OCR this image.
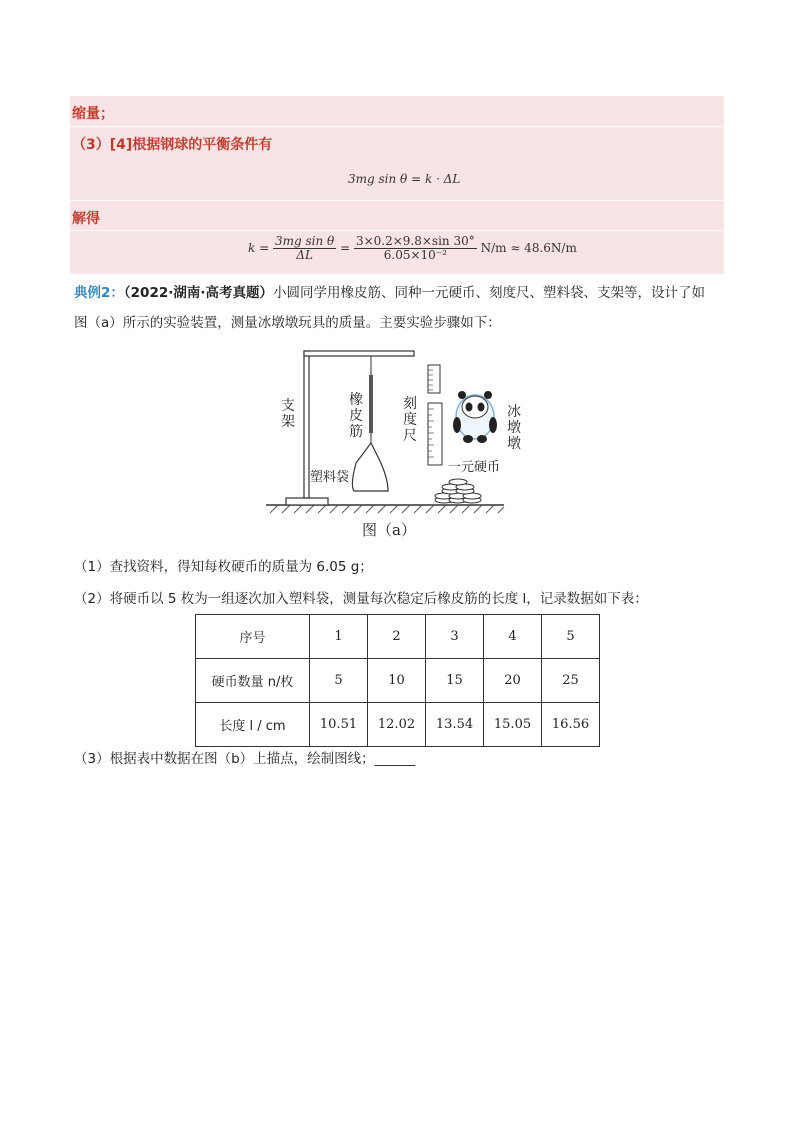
缩量；
（3）[4]根据钢球的平衡条件有
3mg sin θ = k · ΔL
解得
$k = \frac{\text{3mg sin θ}}{\Delta L} = \frac{3\times 0.2\times 9.8\times\sin 30^\circ}{\text{6.05×10⁻²}} N/m \approx 48.6N/m$
典例2：（2022·湖南·高考真题）小圆同学用橡皮筋、同种一元硬币、刻度尺、塑料袋、支架等，设计了如
图（a）所示的实验装置，测量冰墩墩玩具的质量。主要实验步骤如下：
支架
橡皮筋
刻度尺
冰墩墩
塑料袋
一元硬币
图（a）
（1）查找资料，得知每枚硬币的质量为 6.05 g；
（2）将硬币以 5 枚为一组逐次加入塑料袋，测量每次稳定后橡皮筋的长度 l，记录数据如下表：
序号	1	2	3	4	5
硬币数量 n/枚	5	10	15	20	25
长度 l / cm	10.51	12.02	13.54	15.05	16.56
（3）根据表中数据在图（b）上描点，绘制图线；______
